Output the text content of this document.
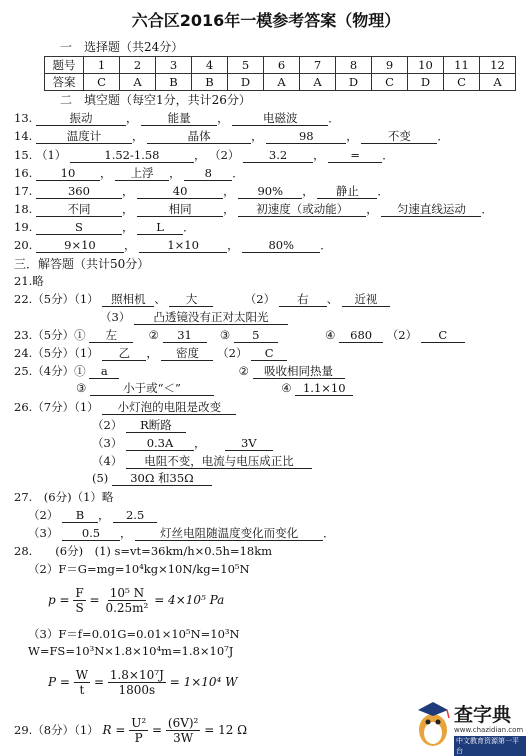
六合区2016年一模参考答案（物理）
一　选择题（共24分）
题号	1	2	3	4	5	6	7	8	9	10	11	12
答案	C	A	B	B	D	A	A	D	C	D	C	A
二　填空题（每空1分，共计26分）
13.	振动	， 能量 ，	电磁波	．
14.	温度计	，	晶体	，	98	， 不变 ．
15. （1）	1.52-1.58	， （2）	3.2 ， = ．
16. 10 ， 上浮 ， 8 ．
17.	360	，	40	， 90% ， 静止 ．
18.	不同	，	相同	， 初速度（或动能） ， 匀速直线运动 ．
19.	S	， L ．
20.	9×10 ， 1×10 ， 80% ．
三．解答题（共计50分）
21.略
22.（5分）（1） 照相机 、 大	（2） 右 、 近视
（3） 凸透镜没有正对太阳光
23.（5分）① 左	② 31 ③ 5	④ 680 （2） C
24.（5分）（1） 乙 ， 密度 （2） C
25.（4分）① a	② 吸收相同热量
③	小于或“＜”	④ 1.1×10
26.（7分）（1） 小灯泡的电阻是改变
（2） R断路
（3） 0.3A ，	3V
（4） 电阻不变，电流与电压成正比
(5) 30Ω 和35Ω
27.　(6分)（1）略
（2） B ， 2.5
（3） 0.5 ， 灯丝电阻随温度变化而变化 ．
28.　　(6分)　(1) s=vt=36km/h×0.5h=18km
（2）F＝G=mg=10⁴kg×10N/kg=10⁵N
$p = \frac{F}{S} = \frac{\text{10⁵ N}}{\text{0.25m²}} = 4\times 10^5$ Pa
（3）F＝f=0.01G=0.01×10⁵N=10³N
W=FS=10³N×1.8×10⁴m=1.8×10⁷J
$P = \frac{W}{t} = \frac{\text{1.8×10⁷J}}{1800s} = 1\times 10^4$ W
29.（8分）（1） $R = \frac{\text{U²}}{P} = \frac{\text{(6V)²}}{3W} = 12$ Ω
查字典
www.chazidian.com
中文教育资源第一平台
